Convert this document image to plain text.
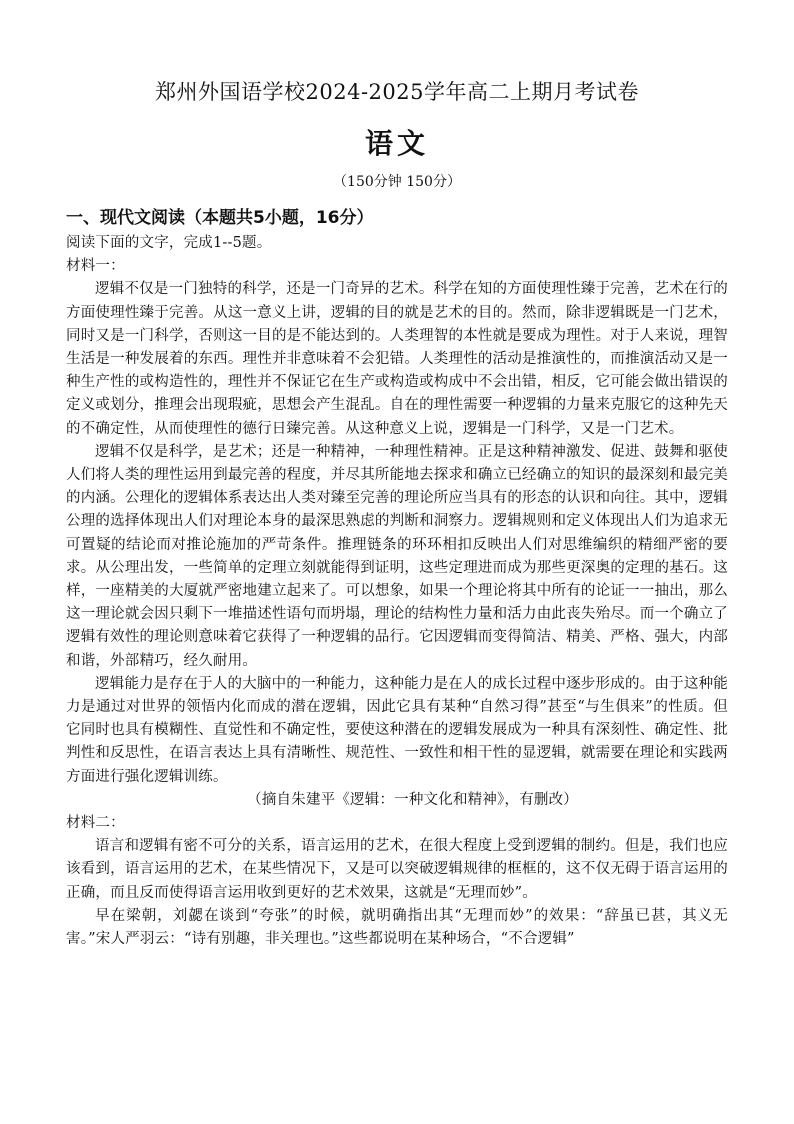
郑州外国语学校2024-2025学年高二上期月考试卷
语文
（150分钟 150分）
一、现代文阅读（本题共5小题，16分）
阅读下面的文字，完成1--5题。
材料一：

逻辑不仅是一门独特的科学，还是一门奇异的艺术。科学在知的方面使理性臻于完善，艺术在行的方面使理性臻于完善。从这一意义上讲，逻辑的目的就是艺术的目的。然而，除非逻辑既是一门艺术，同时又是一门科学，否则这一目的是不能达到的。人类理智的本性就是要成为理性。对于人来说，理智生活是一种发展着的东西。理性并非意味着不会犯错。人类理性的活动是推演性的，而推演活动又是一种生产性的或构造性的，理性并不保证它在生产或构造或构成中不会出错，相反，它可能会做出错误的定义或划分，推理会出现瑕疵，思想会产生混乱。自在的理性需要一种逻辑的力量来克服它的这种先天的不确定性，从而使理性的德行日臻完善。从这种意义上说，逻辑是一门科学，又是一门艺术。

逻辑不仅是科学，是艺术；还是一种精神，一种理性精神。正是这种精神激发、促进、鼓舞和驱使人们将人类的理性运用到最完善的程度，并尽其所能地去探求和确立已经确立的知识的最深刻和最完美的内涵。公理化的逻辑体系表达出人类对臻至完善的理论所应当具有的形态的认识和向往。其中，逻辑公理的选择体现出人们对理论本身的最深思熟虑的判断和洞察力。逻辑规则和定义体现出人们为追求无可置疑的结论而对推论施加的严苛条件。推理链条的环环相扣反映出人们对思维编织的精细严密的要求。从公理出发，一些简单的定理立刻就能得到证明，这些定理进而成为那些更深奥的定理的基石。这样，一座精美的大厦就严密地建立起来了。可以想象，如果一个理论将其中所有的论证一一抽出，那么这一理论就会因只剩下一堆描述性语句而坍塌，理论的结构性力量和活力由此丧失殆尽。而一个确立了逻辑有效性的理论则意味着它获得了一种逻辑的品行。它因逻辑而变得简洁、精美、严格、强大，内部和谐，外部精巧，经久耐用。

逻辑能力是存在于人的大脑中的一种能力，这种能力是在人的成长过程中逐步形成的。由于这种能力是通过对世界的领悟内化而成的潜在逻辑，因此它具有某种“自然习得”甚至“与生俱来”的性质。但它同时也具有模糊性、直觉性和不确定性，要使这种潜在的逻辑发展成为一种具有深刻性、确定性、批判性和反思性，在语言表达上具有清晰性、规范性、一致性和相干性的显逻辑，就需要在理论和实践两方面进行强化逻辑训练。

（摘自朱建平《逻辑：一种文化和精神》，有删改）
材料二：

语言和逻辑有密不可分的关系，语言运用的艺术，在很大程度上受到逻辑的制约。但是，我们也应该看到，语言运用的艺术，在某些情况下，又是可以突破逻辑规律的框框的，这不仅无碍于语言运用的正确，而且反而使得语言运用收到更好的艺术效果，这就是“无理而妙”。

早在梁朝，刘勰在谈到“夸张”的时候，就明确指出其“无理而妙”的效果：“辞虽已甚，其义无害。”宋人严羽云：“诗有别趣，非关理也。”这些都说明在某种场合，“不合逻辑”
